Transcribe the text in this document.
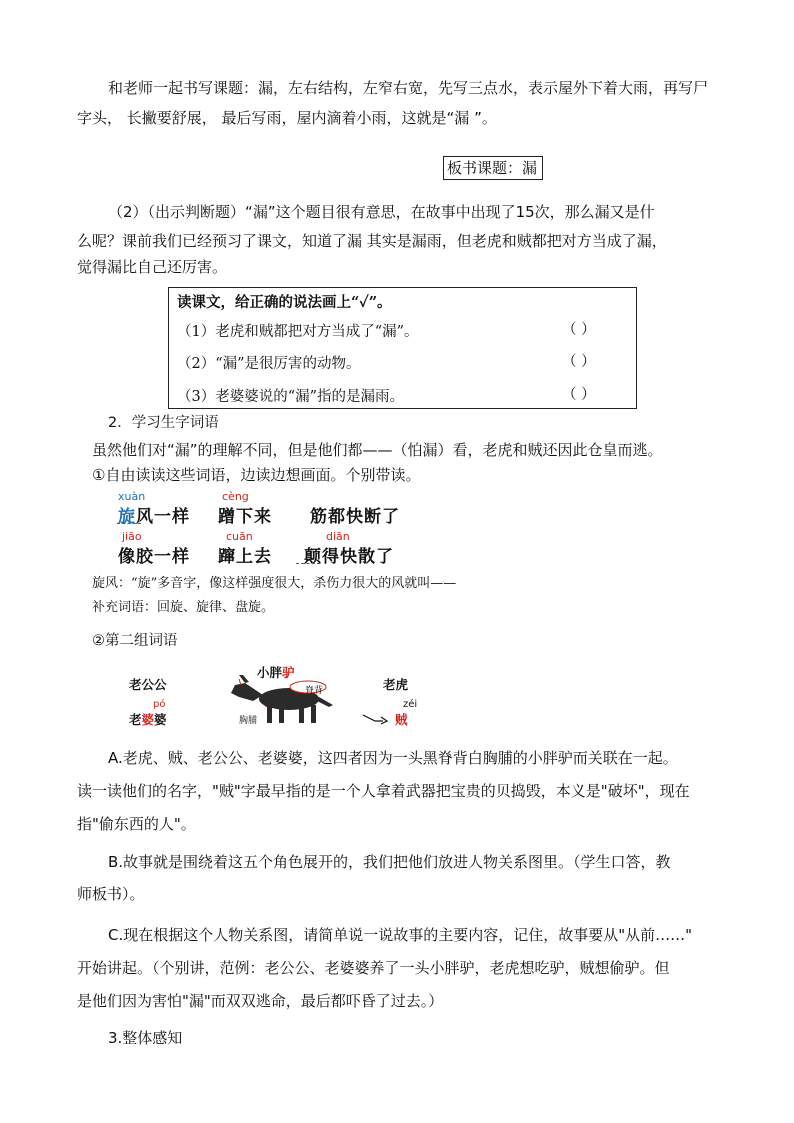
和老师一起书写课题：漏，左右结构，左窄右宽，先写三点水，表示屋外下着大雨，再写尸
字头， 长撇要舒展， 最后写雨，屋内滴着小雨，这就是“漏 ”。
板书课题：漏
（2）（出示判断题）“漏”这个题目很有意思，在故事中出现了15次，那么漏又是什
么呢？课前我们已经预习了课文，知道了漏 其实是漏雨，但老虎和贼都把对方当成了漏，
觉得漏比自己还厉害。
读课文，给正确的说法画上“✓”。
（1）老虎和贼都把对方当成了“漏”。	（ ）
（2）“漏”是很厉害的动物。	（ ）
（3）老婆婆说的“漏”指的是漏雨。	（ ）
2．学习生字词语
虽然他们对“漏”的理解不同，但是他们都——（怕漏）看，老虎和贼还因此仓皇而逃。
①自由读读这些词语，边读边想画面。个别带读。
xuàn
旋风一样
cèng
蹭下来 筋都快断了
jiāo
像胶一样
cuān
蹿上去
diān
颠得快散了
旋风：“旋”多音字，像这样强度很大，杀伤力很大的风就叫——
补充词语：回旋、旋律、盘旋。
②第二组词语
老公公
pó
老婆婆
小胖驴
脊背
胸脯
老虎
zéi
贼
A.老虎、贼、老公公、老婆婆，这四者因为一头黑脊背白胸脯的小胖驴而关联在一起。
读一读他们的名字，"贼"字最早指的是一个人拿着武器把宝贵的贝捣毁，本义是"破坏"，现在
指"偷东西的人"。
B.故事就是围绕着这五个角色展开的，我们把他们放进人物关系图里。（学生口答，教
师板书）。
C.现在根据这个人物关系图，请简单说一说故事的主要内容，记住，故事要从"从前……"
开始讲起。（个别讲，范例：老公公、老婆婆养了一头小胖驴，老虎想吃驴，贼想偷驴。但
是他们因为害怕"漏"而双双逃命，最后都吓昏了过去。）
3.整体感知
